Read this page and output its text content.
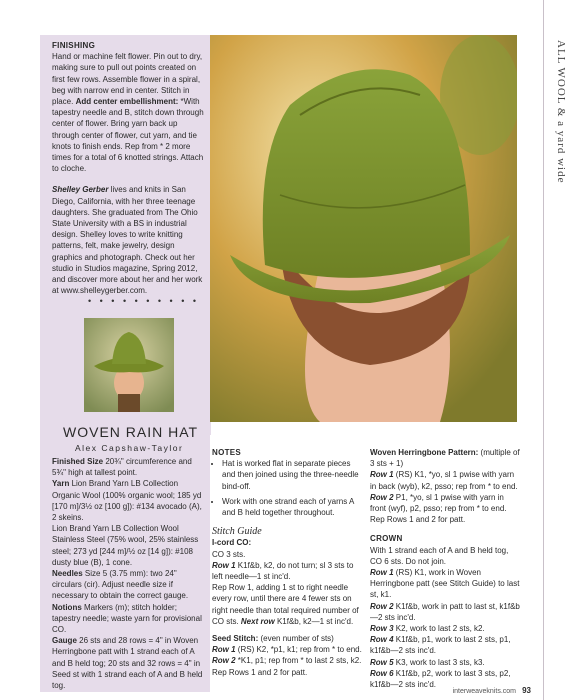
ALL WOOL & a yard wide

FINISHING
Hand or machine felt flower. Pin out to dry, making sure to pull out points created on first few rows. Assemble flower in a spiral, beg with narrow end in center. Stitch in place. Add center embellishment: *With tapestry needle and B, stitch down through center of flower. Bring yarn back up through center of flower, cut yarn, and tie knots to finish ends. Rep from * 2 more times for a total of 6 knotted strings. Attach to cloche.

Shelley Gerber lives and knits in San Diego, California, with her three teenage daughters. She graduated from The Ohio State University with a BS in industrial design. Shelley loves to write knitting patterns, felt, make jewelry, design graphics and photograph. Check out her studio in Studios magazine, Spring 2012, and discover more about her and her work at www.shelleygerber.com.

• • • • • • • • • •
WOVEN RAIN HAT
Alex Capshaw-Taylor
Finished Size 20¾" circumference and 5¾" high at tallest point.
Yarn Lion Brand Yarn LB Collection Organic Wool (100% organic wool; 185 yd [170 m]/3½ oz [100 g]): #134 avocado (A), 2 skeins.
Lion Brand Yarn LB Collection Wool Stainless Steel (75% wool, 25% stainless steel; 273 yd [244 m]/½ oz [14 g]): #108 dusty blue (B), 1 cone.
Needles Size 5 (3.75 mm): two 24" circulars (cir). Adjust needle size if necessary to obtain the correct gauge.
Notions Markers (m); stitch holder; tapestry needle; waste yarn for provisional CO.
Gauge 26 sts and 28 rows = 4" in Woven Herringbone patt with 1 strand each of A and B held tog; 20 sts and 32 rows = 4" in Seed st with 1 strand each of A and B held tog.
NOTES
• Hat is worked flat in separate pieces and then joined using the three-needle bind-off.
• Work with one strand each of yarns A and B held together throughout.
Stitch Guide
I-cord CO:
CO 3 sts.
Row 1 K1f&b, k2, do not turn; sl 3 sts to left needle—1 st inc'd.
Rep Row 1, adding 1 st to right needle every row, until there are 4 fewer sts on right needle than total required number of CO sts. Next row K1f&b, k2—1 st inc'd.
Seed Stitch: (even number of sts)
Row 1 (RS) K2, *p1, k1; rep from * to end.
Row 2 *K1, p1; rep from * to last 2 sts, k2.
Rep Rows 1 and 2 for patt.
Woven Herringbone Pattern: (multiple of 3 sts + 1)
Row 1 (RS) K1, *yo, sl 1 pwise with yarn in back (wyb), k2, psso; rep from * to end.
Row 2 P1, *yo, sl 1 pwise with yarn in front (wyf), p2, psso; rep from * to end.
Rep Rows 1 and 2 for patt.
CROWN
With 1 strand each of A and B held tog, CO 6 sts. Do not join.
Row 1 (RS) K1, work in Woven Herringbone patt (see Stitch Guide) to last st, k1.
Row 2 K1f&b, work in patt to last st, k1f&b—2 sts inc'd.
Row 3 K2, work to last 2 sts, k2.
Row 4 K1f&b, p1, work to last 2 sts, p1, k1f&b—2 sts inc'd.
Row 5 K3, work to last 3 sts, k3.
Row 6 K1f&b, p2, work to last 3 sts, p2, k1f&b—2 sts inc'd.
interweaveknits.com 93
